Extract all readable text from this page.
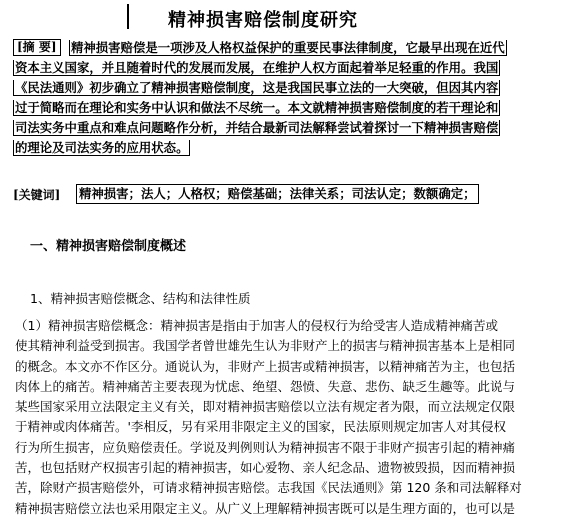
精神损害赔偿制度研究
精神损害赔偿是一项涉及人格权益保护的重要民事法律制度，它最早出现在近代
资本主义国家，并且随着时代的发展而发展，在维护人权方面起着举足轻重的作用。我国
《民法通则》初步确立了精神损害赔偿制度，这是我国民事立法的一大突破，但因其内容
过于简略而在理论和实务中认识和做法不尽统一。本文就精神损害赔偿制度的若干理论和
司法实务中重点和难点问题略作分析，并结合最新司法解释尝试着探讨一下精神损害赔偿
的理论及司法实务的应用状态。
[摘 要]
[关键词] 精神损害；法人；人格权；赔偿基础；法律关系；司法认定；数额确定；
一、精神损害赔偿制度概述
1、精神损害赔偿概念、结构和法律性质
（1）精神损害赔偿概念：精神损害是指由于加害人的侵权行为给受害人造成精神痛苦或
使其精神利益受到损害。我国学者曾世雄先生认为非财产上的损害与精神损害基本上是相同
的概念。本文亦不作区分。通说认为，非财产上损害或精神损害，以精神痛苦为主，也包括
肉体上的痛苦。精神痛苦主要表现为忧虑、绝望、怨愤、失意、悲伤、缺乏生趣等。此说与
某些国家采用立法限定主义有关，即对精神损害赔偿以立法有规定者为限，而立法规定仅限
于精神或肉体痛苦。'李相反，另有采用非限定主义的国家，民法原则规定加害人对其侵权
行为所生损害，应负赔偿责任。学说及判例则认为精神损害不限于非财产损害引起的精神痛
苦，也包括财产权损害引起的精神损害，如心爱物、亲人纪念品、遗物被毁损，因而精神损
苦，除财产损害赔偿外，可请求精神损害赔偿。志我国《民法通则》第 120 条和司法解释对
精神损害赔偿立法也采用限定主义。从广义上理解精神损害既可以是生理方面的，也可以是
